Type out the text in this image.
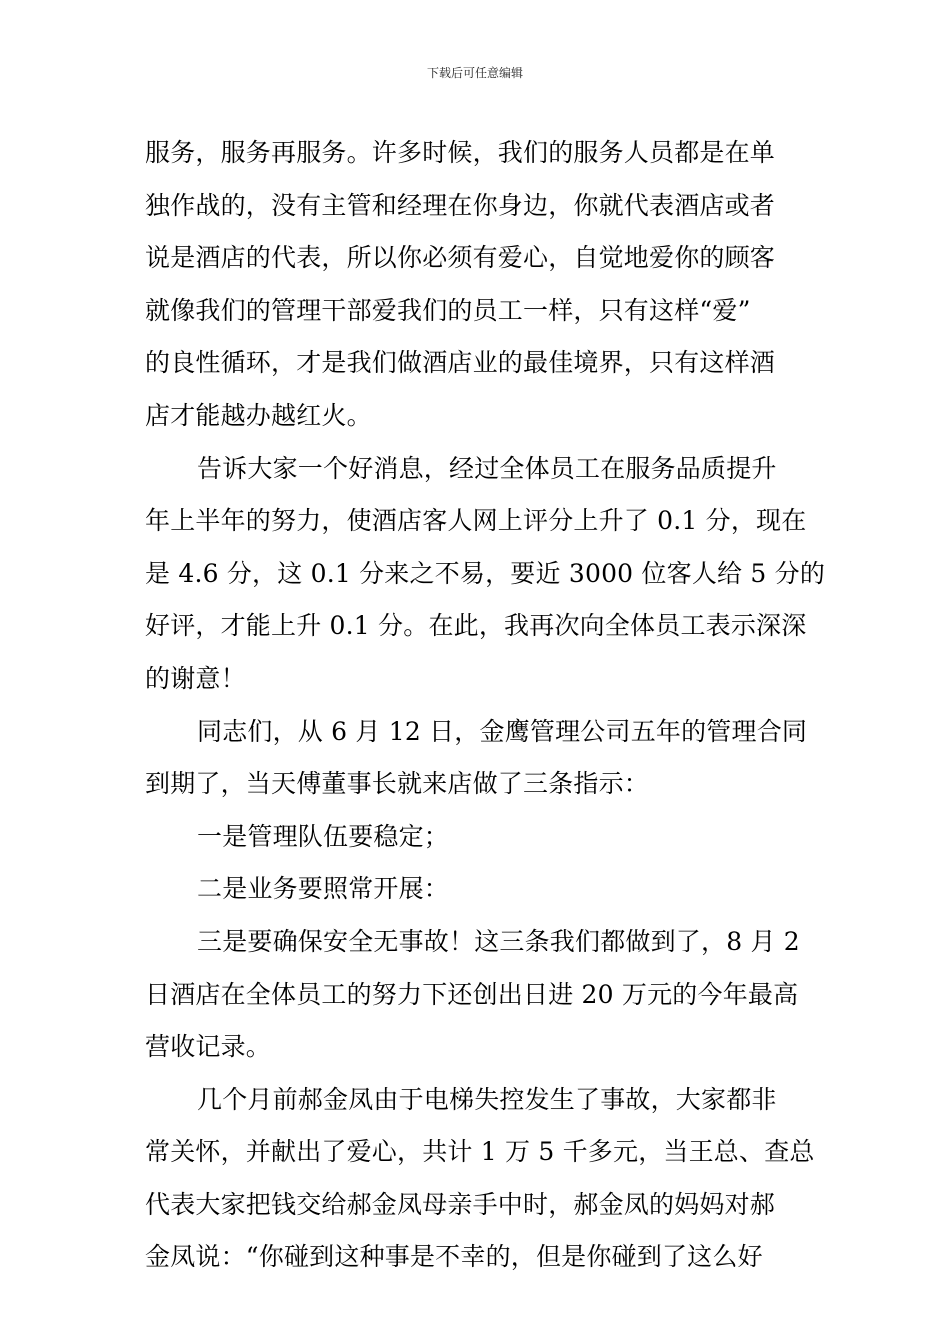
下载后可任意编辑
服务，服务再服务。许多时候，我们的服务人员都是在单
独作战的，没有主管和经理在你身边，你就代表酒店或者
说是酒店的代表，所以你必须有爱心，自觉地爱你的顾客
就像我们的管理干部爱我们的员工一样，只有这样“爱”
的良性循环，才是我们做酒店业的最佳境界，只有这样酒
店才能越办越红火。
告诉大家一个好消息，经过全体员工在服务品质提升
年上半年的努力，使酒店客人网上评分上升了 0.1 分，现在
是 4.6 分，这 0.1 分来之不易，要近 3000 位客人给 5 分的
好评，才能上升 0.1 分。在此，我再次向全体员工表示深深
的谢意！
同志们，从 6 月 12 日，金鹰管理公司五年的管理合同
到期了，当天傅董事长就来店做了三条指示：
一是管理队伍要稳定；
二是业务要照常开展：
三是要确保安全无事故！这三条我们都做到了，8 月 2
日酒店在全体员工的努力下还创出日进 20 万元的今年最高
营收记录。
几个月前郝金凤由于电梯失控发生了事故，大家都非
常关怀，并献出了爱心，共计 1 万 5 千多元，当王总、查总
代表大家把钱交给郝金凤母亲手中时，郝金凤的妈妈对郝
金凤说：“你碰到这种事是不幸的，但是你碰到了这么好
